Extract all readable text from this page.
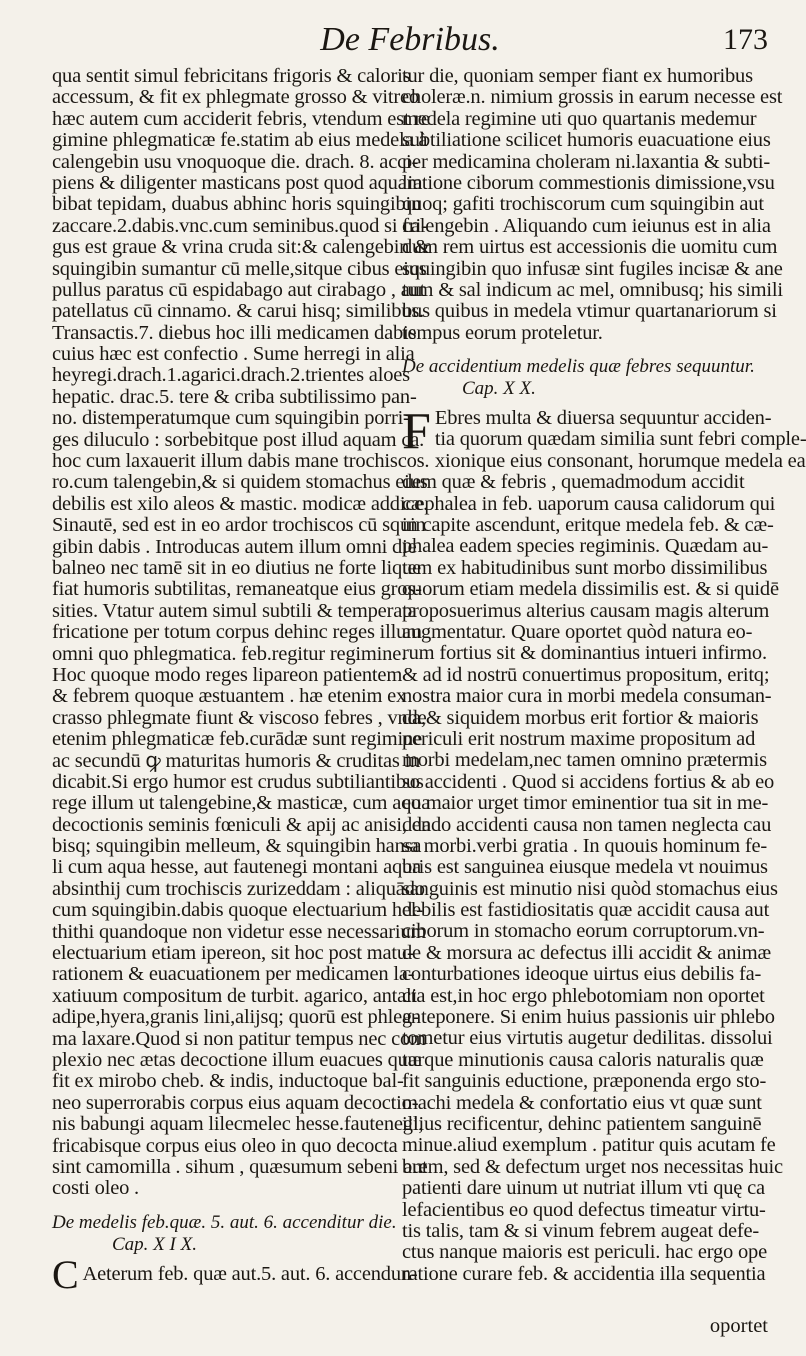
De Febribus.	173
qua sentit simul febricitans frigoris & caloris
accessum, & fit ex phlegmate grosso & vitreo
hæc autem cum acciderit febris, vtendum est re
gimine phlegmaticæ fe.statim ab eius medela à
calengebin usu vnoquoque die. drach. 8. acci-
piens & diligenter masticans post quod aquam
bibat tepidam, duabus abhinc horis squingibin
zaccare.2.dabis.vnc.cum seminibus.quod si fri-
gus est graue & vrina cruda sit:& calengebin &
squingibin sumantur cū melle,sitque cibus eius
pullus paratus cū espidabago aut cirabago , aut
patellatus cū cinnamo. & carui hisq; similibus.
Transactis.7. diebus hoc illi medicamen dabis
cuius hæc est confectio . Sume herregi in alia
heyregi.drach.1.agarici.drach.2.trientes aloes
hepatic. drac.5. tere & criba subtilissimo pan-
no. distemperatumque cum squingibin porri-
ges diluculo : sorbebitque post illud aquam ca.
hoc cum laxauerit illum dabis mane trochiscos.
ro.cum talengebin,& si quidem stomachus eius
debilis est xilo aleos & mastic. modicæ addice.
Sinautē, sed est in eo ardor trochiscos cū squin
gibin dabis . Introducas autem illum omni die
balneo nec tamē sit in eo diutius ne forte lique
fiat humoris subtilitas, remaneatque eius gros-
sities. Vtatur autem simul subtili & temperata
fricatione per totum corpus dehinc reges illum
omni quo phlegmatica. feb.regitur regimine.
Hoc quoque modo reges lipareon patientem
& febrem quoque æstuantem . hæ etenim ex
crasso phlegmate fiunt & viscoso febres , vnde
etenim phlegmaticæ feb.curādæ sunt regimine
ac secundū ꝙ maturitas humoris & cruditas in
dicabit.Si ergo humor est crudus subtiliantibus
rege illum ut talengebine,& masticæ, cum aqua
decoctionis seminis fœniculi & apij ac anisi, da
bisq; squingibin melleum, & squingibin hansa
li cum aqua hesse, aut fautenegi montani aqua
absinthij cum trochiscis zurizeddam : aliquādo
cum squingibin.dabis quoque electuarium hel-
thithi quandoque non videtur esse necessarium
electuarium etiam ipereon, sit hoc post matu-
rationem & euacuationem per medicamen la-
xatiuum compositum de turbit. agarico, antali
adipe,hyera,granis lini,alijsq; quorū est phleg-
ma laxare.Quod si non patitur tempus nec com
plexio nec ætas decoctione illum euacues quæ
fit ex mirobo cheb. & indis, inductoque bal-
neo superrorabis corpus eius aquam decoctio-
nis babungi aquam lilecmelec hesse.fautenegi,
fricabisque corpus eius oleo in quo decocta
sint camomilla . sihum , quæsumum sebeni aut
costi oleo .
De medelis feb.quæ. 5. aut. 6. accenditur die.
Cap. X I X.
C Aeterum feb. quæ aut.5. aut. 6. accendun-
tur die, quoniam semper fiant ex humoribus
choleræ.n. nimium grossis in earum necesse est
medela regimine uti quo quartanis medemur
subtiliatione scilicet humoris euacuatione eius
per medicamina choleram ni.laxantia & subti-
liatione ciborum commestionis dimissione,vsu
quoq; gafiti trochiscorum cum squingibin aut
calengebin . Aliquando cum ieiunus est in alia
dum rem uirtus est accessionis die uomitu cum
squingibin quo infusæ sint fugiles incisæ & ane
tum & sal indicum ac mel, omnibusq; his simili
bus quibus in medela vtimur quartanariorum si
tempus eorum proteletur.
De accidentium medelis quæ febres sequuntur.
Cap. X X.
F Ebres multa & diuersa sequuntur acciden-
tia quorum quædam similia sunt febri comple-
xionique eius consonant, horumque medela ea
dem quæ & febris , quemadmodum accidit
cæphalea in feb. uaporum causa calidorum qui
in capite ascendunt, eritque medela feb. & cæ-
phalea eadem species regiminis. Quædam au-
tem ex habitudinibus sunt morbo dissimilibus
quorum etiam medela dissimilis est. & si quidē
proposuerimus alterius causam magis alterum
augmentatur. Quare oportet quòd natura eo-
rum fortius sit & dominantius intueri infirmo.
& ad id nostrū conuertimus propositum, eritq;
nostra maior cura in morbi medela consuman-
da,& siquidem morbus erit fortior & maioris
periculi erit nostrum maxime propositum ad
morbi medelam,nec tamen omnino prætermis
so accidenti . Quod si accidens fortius & ab eo
eo maior urget timor eminentior tua sit in me-
dendo accidenti causa non tamen neglecta cau
sa morbi.verbi gratia . In quouis hominum fe-
bris est sanguinea eiusque medela vt nouimus
sanguinis est minutio nisi quòd stomachus eius
debilis est fastidiositatis quæ accidit causa aut
ciborum in stomacho eorum corruptorum.vn-
de & morsura ac defectus illi accidit & animæ
conturbationes ideoque uirtus eius debilis fa-
cta est,in hoc ergo phlebotomiam non oportet
anteponere. Si enim huius passionis uir phlebo
tometur eius virtutis augetur dedilitas. dissolui
turque minutionis causa caloris naturalis quæ
fit sanguinis eductione, præponenda ergo sto-
machi medela & confortatio eius vt quæ sunt
illius recificentur, dehinc patientem sanguinē
minue.aliud exemplum . patitur quis acutam fe
brem, sed & defectum urget nos necessitas huic
patienti dare uinum ut nutriat illum vti quę ca
lefacientibus eo quod defectus timeatur virtu-
tis talis, tam & si vinum febrem augeat defe-
ctus nanque maioris est periculi. hac ergo ope
ratione curare feb. & accidentia illa sequentia
oportet
